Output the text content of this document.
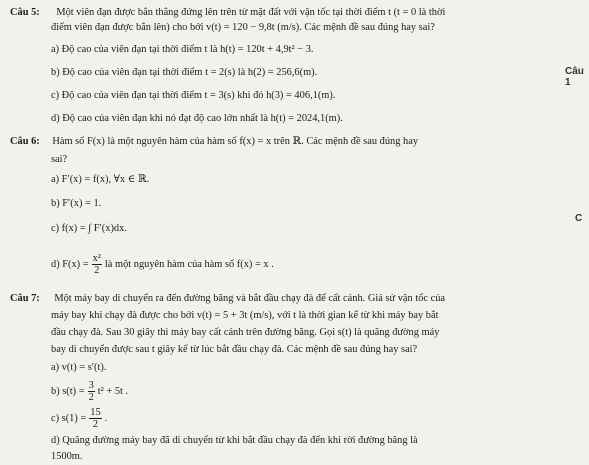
Câu 5: Một viên đạn được bắn thẳng đứng lên trên từ mặt đất với vận tốc tại thời điểm t (t = 0 là thời
điểm viên đạn được bắn lên) cho bởi v(t) = 120 − 9,8t (m/s). Các mệnh đề sau đúng hay sai?
a) Độ cao của viên đạn tại thời điểm t là h(t) = 120t + 4,9t² − 3.
b) Độ cao của viên đạn tại thời điểm t = 2(s) là h(2) = 256,6(m).
c) Độ cao của viên đạn tại thời điểm t = 3(s) khi đó h(3) = 406,1(m).
d) Độ cao của viên đạn khi nó đạt độ cao lớn nhất là h(t) = 2024,1(m).
Câu 6: Hàm số F(x) là một nguyên hàm của hàm số f(x) = x trên ℝ. Các mệnh đề sau đúng hay
sai?
a) F′(x) = f(x), ∀x ∈ ℝ.
b) F′(x) = 1.
c) f(x) = ∫ F′(x)dx.
d) $F(x) = \frac{\text{x²}}{2}$ là một nguyên hàm của hàm số f(x) = x .
Câu 7: Một máy bay di chuyển ra đến đường băng và bắt đầu chạy đà để cất cánh. Giả sử vận tốc của
máy bay khi chạy đà được cho bởi v(t) = 5 + 3t (m/s), với t là thời gian kể từ khi máy bay bắt
đầu chạy đà. Sau 30 giây thì máy bay cất cánh trên đường băng. Gọi s(t) là quãng đường máy
bay di chuyển được sau t giây kể từ lúc bắt đầu chạy đà. Các mệnh đề sau đúng hay sai?
a) v(t) = s′(t).
b) $s(t) = \frac{3}{2} t^2 + 5t$ .
c) $s(1) = \frac{15}{2}$ .
d) Quãng đường máy bay đã di chuyển từ khi bắt đầu chạy đà đến khi rời đường băng là
1500m.
Câu 1
C
